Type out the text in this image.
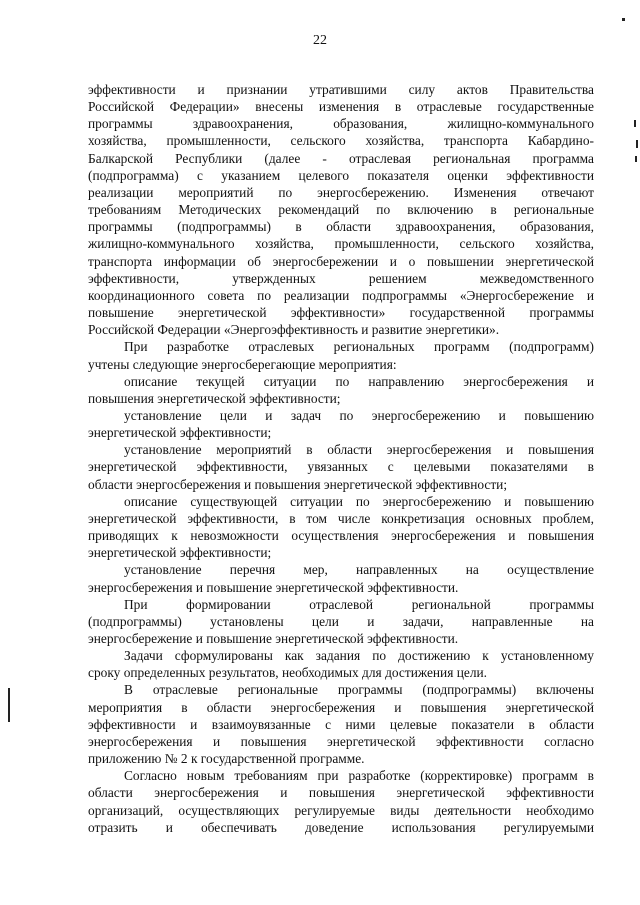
22
эффективности и признании утратившими силу актов Правительства
Российской Федерации» внесены изменения в отраслевые государственные
программы здравоохранения, образования, жилищно-коммунального
хозяйства, промышленности, сельского хозяйства, транспорта Кабардино-
Балкарской Республики (далее - отраслевая региональная программа
(подпрограмма) с указанием целевого показателя оценки эффективности
реализации мероприятий по энергосбережению. Изменения отвечают
требованиям Методических рекомендаций по включению в региональные
программы (подпрограммы) в области здравоохранения, образования,
жилищно-коммунального хозяйства, промышленности, сельского хозяйства,
транспорта информации об энергосбережении и о повышении энергетической
эффективности, утвержденных решением межведомственного
координационного совета по реализации подпрограммы «Энергосбережение и
повышение энергетической эффективности» государственной программы
Российской Федерации «Энергоэффективность и развитие энергетики».
При разработке отраслевых региональных программ (подпрограмм)
учтены следующие энергосберегающие мероприятия:
описание текущей ситуации по направлению энергосбережения и
повышения энергетической эффективности;
установление цели и задач по энергосбережению и повышению
энергетической эффективности;
установление мероприятий в области энергосбережения и повышения
энергетической эффективности, увязанных с целевыми показателями в
области энергосбережения и повышения энергетической эффективности;
описание существующей ситуации по энергосбережению и повышению
энергетической эффективности, в том числе конкретизация основных проблем,
приводящих к невозможности осуществления энергосбережения и повышения
энергетической эффективности;
установление перечня мер, направленных на осуществление
энергосбережения и повышение энергетической эффективности.
При формировании отраслевой региональной программы
(подпрограммы) установлены цели и задачи, направленные на
энергосбережение и повышение энергетической эффективности.
Задачи сформулированы как задания по достижению к установленному
сроку определенных результатов, необходимых для достижения цели.
В отраслевые региональные программы (подпрограммы) включены
мероприятия в области энергосбережения и повышения энергетической
эффективности и взаимоувязанные с ними целевые показатели в области
энергосбережения и повышения энергетической эффективности согласно
приложению № 2 к государственной программе.
Согласно новым требованиям при разработке (корректировке) программ в
области энергосбережения и повышения энергетической эффективности
организаций, осуществляющих регулируемые виды деятельности необходимо
отразить и обеспечивать доведение использования регулируемыми
